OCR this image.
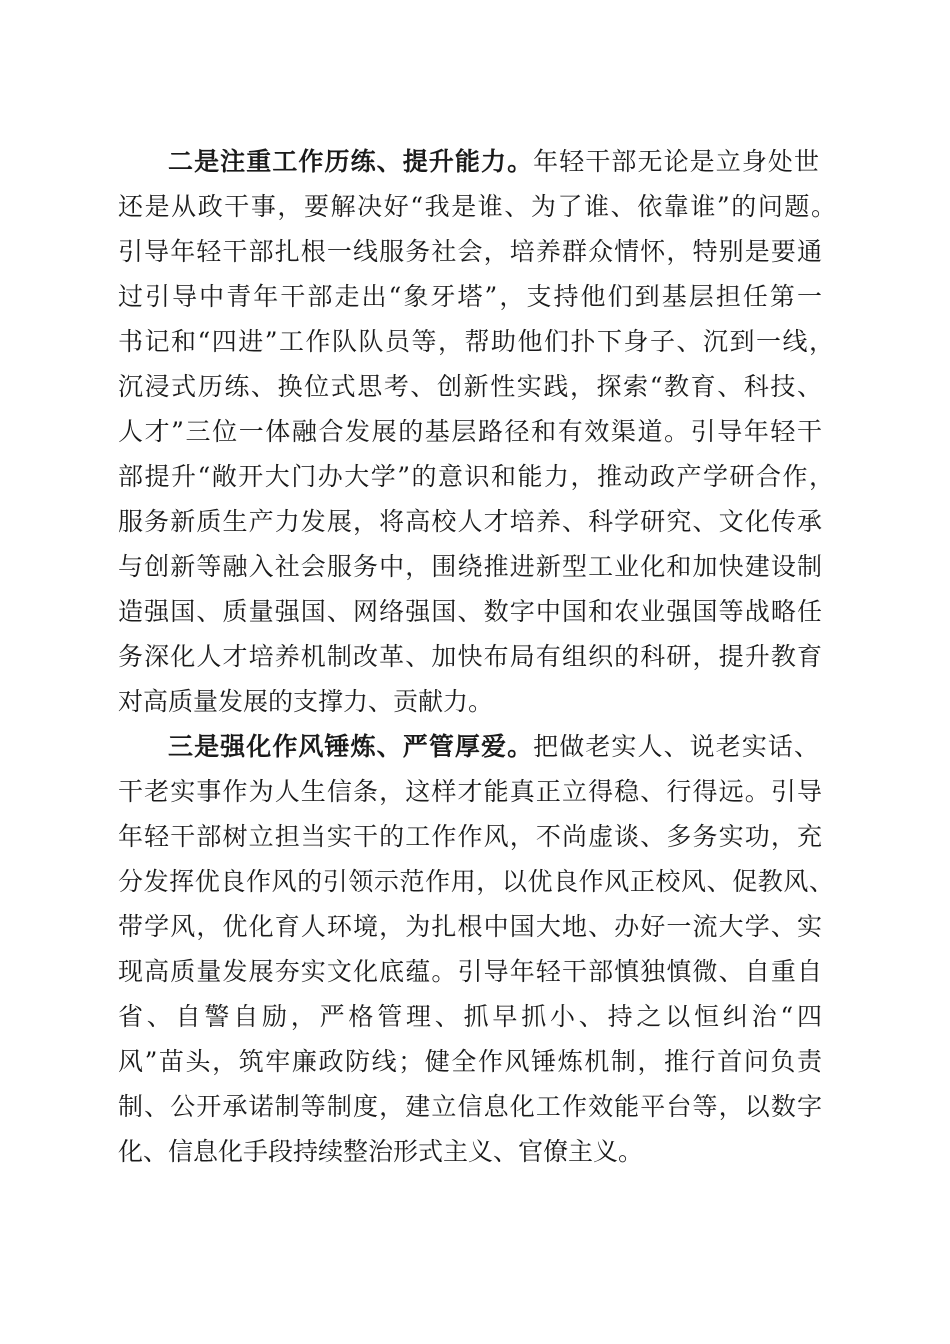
二是注重工作历练、提升能力。年轻干部无论是立身处世
还是从政干事，要解决好“我是谁、为了谁、依靠谁”的问题。
引导年轻干部扎根一线服务社会，培养群众情怀，特别是要通
过引导中青年干部走出“象牙塔”，支持他们到基层担任第一
书记和“四进”工作队队员等，帮助他们扑下身子、沉到一线，
沉浸式历练、换位式思考、创新性实践，探索“教育、科技、
人才”三位一体融合发展的基层路径和有效渠道。引导年轻干
部提升“敞开大门办大学”的意识和能力，推动政产学研合作，
服务新质生产力发展，将高校人才培养、科学研究、文化传承
与创新等融入社会服务中，围绕推进新型工业化和加快建设制
造强国、质量强国、网络强国、数字中国和农业强国等战略任
务深化人才培养机制改革、加快布局有组织的科研，提升教育
对高质量发展的支撑力、贡献力。
三是强化作风锤炼、严管厚爱。把做老实人、说老实话、
干老实事作为人生信条，这样才能真正立得稳、行得远。引导
年轻干部树立担当实干的工作作风，不尚虚谈、多务实功，充
分发挥优良作风的引领示范作用，以优良作风正校风、促教风、
带学风，优化育人环境，为扎根中国大地、办好一流大学、实
现高质量发展夯实文化底蕴。引导年轻干部慎独慎微、自重自
省、自警自励，严格管理、抓早抓小、持之以恒纠治“四
风”苗头，筑牢廉政防线；健全作风锤炼机制，推行首问负责
制、公开承诺制等制度，建立信息化工作效能平台等，以数字
化、信息化手段持续整治形式主义、官僚主义。
